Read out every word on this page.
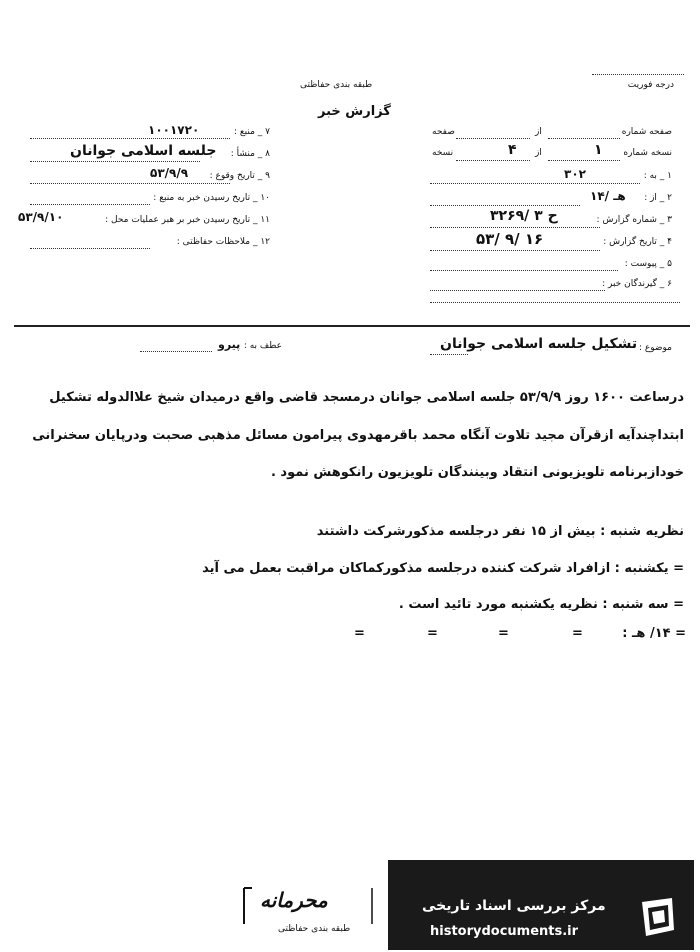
درجه فوریت
طبقه بندی حفاظتی
گزارش خبر
صفحه شماره
از
صفحه
نسخه شماره
۱
از
۴
نسخه
۱ _ به :
۳۰۲
۲ _ از :
۱۴/ هـ
۳ _ شماره گزارش :
۳۲۶۹/ ۳ ح
۴ _ تاریخ گزارش :
۵۳/ ۹/ ۱۶
۵ _ پیوست :
۶ _ گیرندگان خبر :
۷ _ منبع :
۱۰۰۱۷۲۰
۸ _ منشأ :
جلسه اسلامی جوانان
۹ _ تاریخ وقوع :
۵۳/۹/۹
۱۰ _ تاریخ رسیدن خبر به منبع :
۱۱ _ تاریخ رسیدن خبر بر هبر عملیات محل :
۵۳/۹/۱۰
۱۲ _ ملاحظات حفاظتی :
موضوع :
تشکیل جلسه اسلامی جوانان
عطف به :
پیرو
درساعت ۱۶۰۰ روز ۵۳/۹/۹ جلسه اسلامی جوانان درمسجد قاضی واقع درمیدان شیخ علاالدوله تشکیل
ابتداچندآیه ازقرآن مجید تلاوت آنگاه محمد باقرمهدوی پیرامون مسائل مذهبی صحبت ودرپایان سخنرانی
خودازبرنامه تلویزیونی انتقاد وبینندگان تلویزیون رانکوهش نمود .
نظریه شنبه : بیش از ۱۵ نفر درجلسه مذکورشرکت داشتند
= یکشنبه : ازافراد شرکت کننده درجلسه مذکورکماکان مراقبت بعمل می آید
= سه شنبه : نظریه یکشنبه مورد تائید است .
= ۱۴/ هـ :
=
=
=
=
محرمانه
طبقه بندی حفاظتی
مرکز بررسی اسناد تاریخی
historydocuments.ir
